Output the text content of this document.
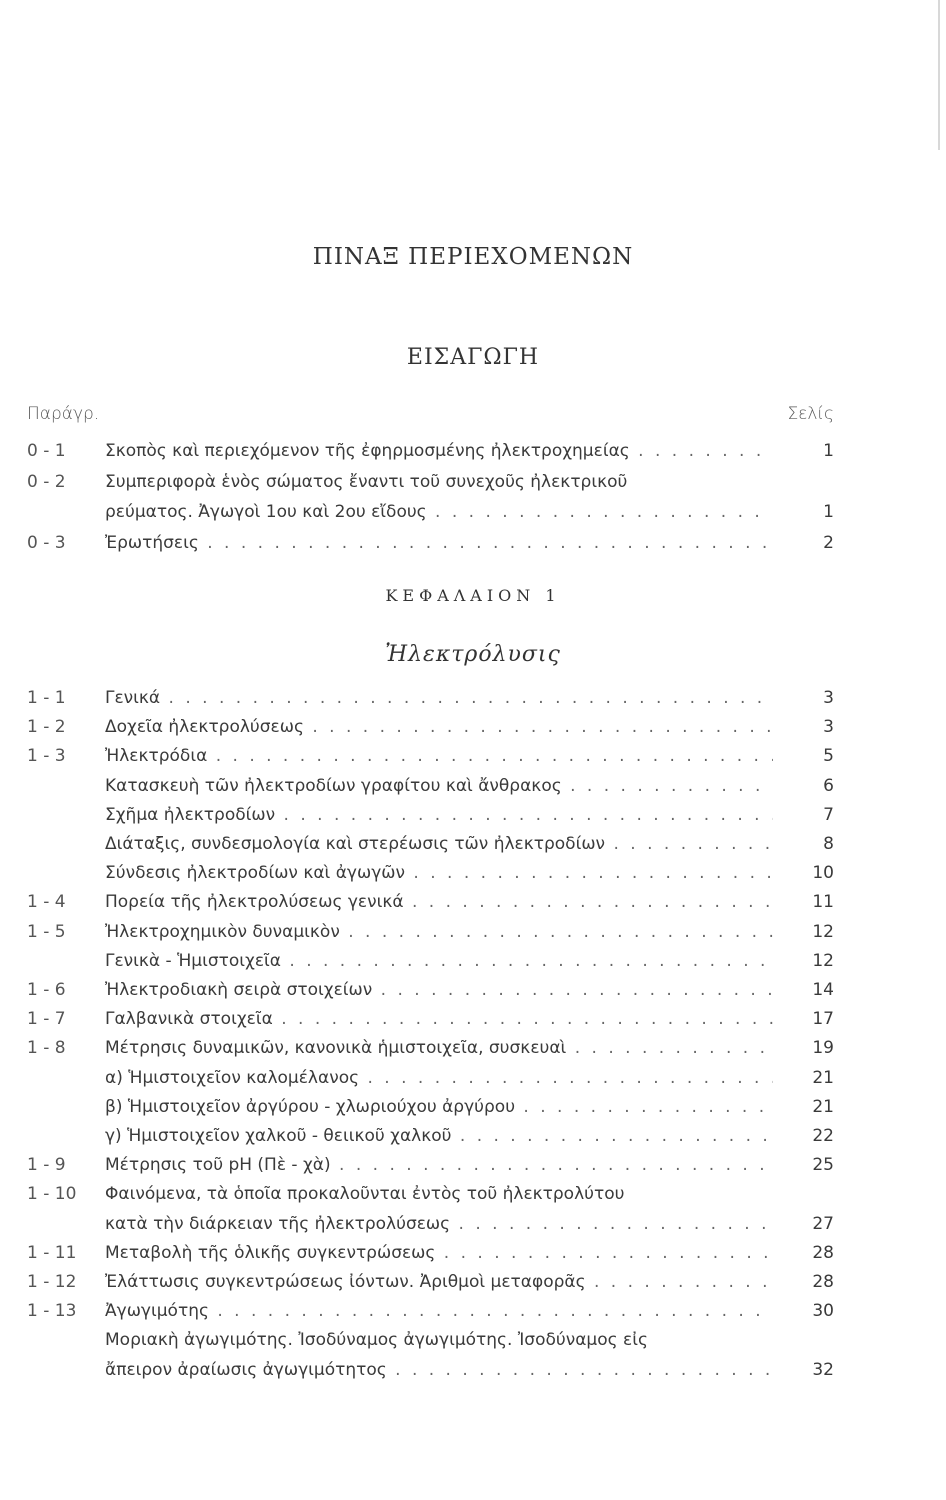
ΠΙΝΑΞ ΠΕΡΙΕΧΟΜΕΝΩΝ
ΕΙΣΑΓΩΓΗ
Παράγρ.	Σελίς
0 - 1 Σκοπὸς καὶ περιεχόμενον τῆς ἐφηρμοσμένης ἠλεκτροχημείας . . .	1
0 - 2 Συμπεριφορὰ ἑνὸς σώματος ἔναντι τοῦ συνεχοῦς ἠλεκτρικοῦ
ρεύματος. Ἀγωγοὶ 1ου καὶ 2ου εἴδους . . .	1
0 - 3 Ἐρωτήσεις . . .	2
ΚΕΦΑΛΑΙΟΝ 1
Ἠλεκτρόλυσις
1 - 1 Γενικά . . .	3
1 - 2 Δοχεῖα ἠλεκτρολύσεως . . .	3
1 - 3 Ἠλεκτρόδια . . .	5
Κατασκευὴ τῶν ἠλεκτροδίων γραφίτου καὶ ἄνθρακος . . .	6
Σχῆμα ἠλεκτροδίων . . .	7
Διάταξις, συνδεσμολογία καὶ στερέωσις τῶν ἠλεκτροδίων . . .	8
Σύνδεσις ἠλεκτροδίων καὶ ἀγωγῶν . . .	10
1 - 4 Πορεία τῆς ἠλεκτρολύσεως γενικά . . .	11
1 - 5 Ἠλεκτροχημικὸν δυναμικὸν . . .	12
Γενικὰ - Ἡμιστοιχεῖα . . .	12
1 - 6 Ἠλεκτροδιακὴ σειρὰ στοιχείων . . .	14
1 - 7 Γαλβανικὰ στοιχεῖα . . .	17
1 - 8 Μέτρησις δυναμικῶν, κανονικὰ ἡμιστοιχεῖα, συσκευαὶ . . .	19
α) Ἡμιστοιχεῖον καλομέλανος . . .	21
β) Ἡμιστοιχεῖον ἀργύρου - χλωριούχου ἀργύρου . . .	21
γ) Ἡμιστοιχεῖον χαλκοῦ - θειικοῦ χαλκοῦ . . .	22
1 - 9 Μέτρησις τοῦ pH (Πὲ - χὰ) . . .	25
1 - 10 Φαινόμενα, τὰ ὁποῖα προκαλοῦνται ἐντὸς τοῦ ἠλεκτρολύτου
κατὰ τὴν διάρκειαν τῆς ἠλεκτρολύσεως . . .	27
1 - 11 Μεταβολὴ τῆς ὁλικῆς συγκεντρώσεως . . .	28
1 - 12 Ἐλάττωσις συγκεντρώσεως ἰόντων. Ἀριθμοὶ μεταφορᾶς . . .	28
1 - 13 Ἀγωγιμότης . . .	30
Μοριακὴ ἀγωγιμότης. Ἰσοδύναμος ἀγωγιμότης. Ἰσοδύναμος εἰς
ἄπειρον ἀραίωσις ἀγωγιμότητος . . .	32
